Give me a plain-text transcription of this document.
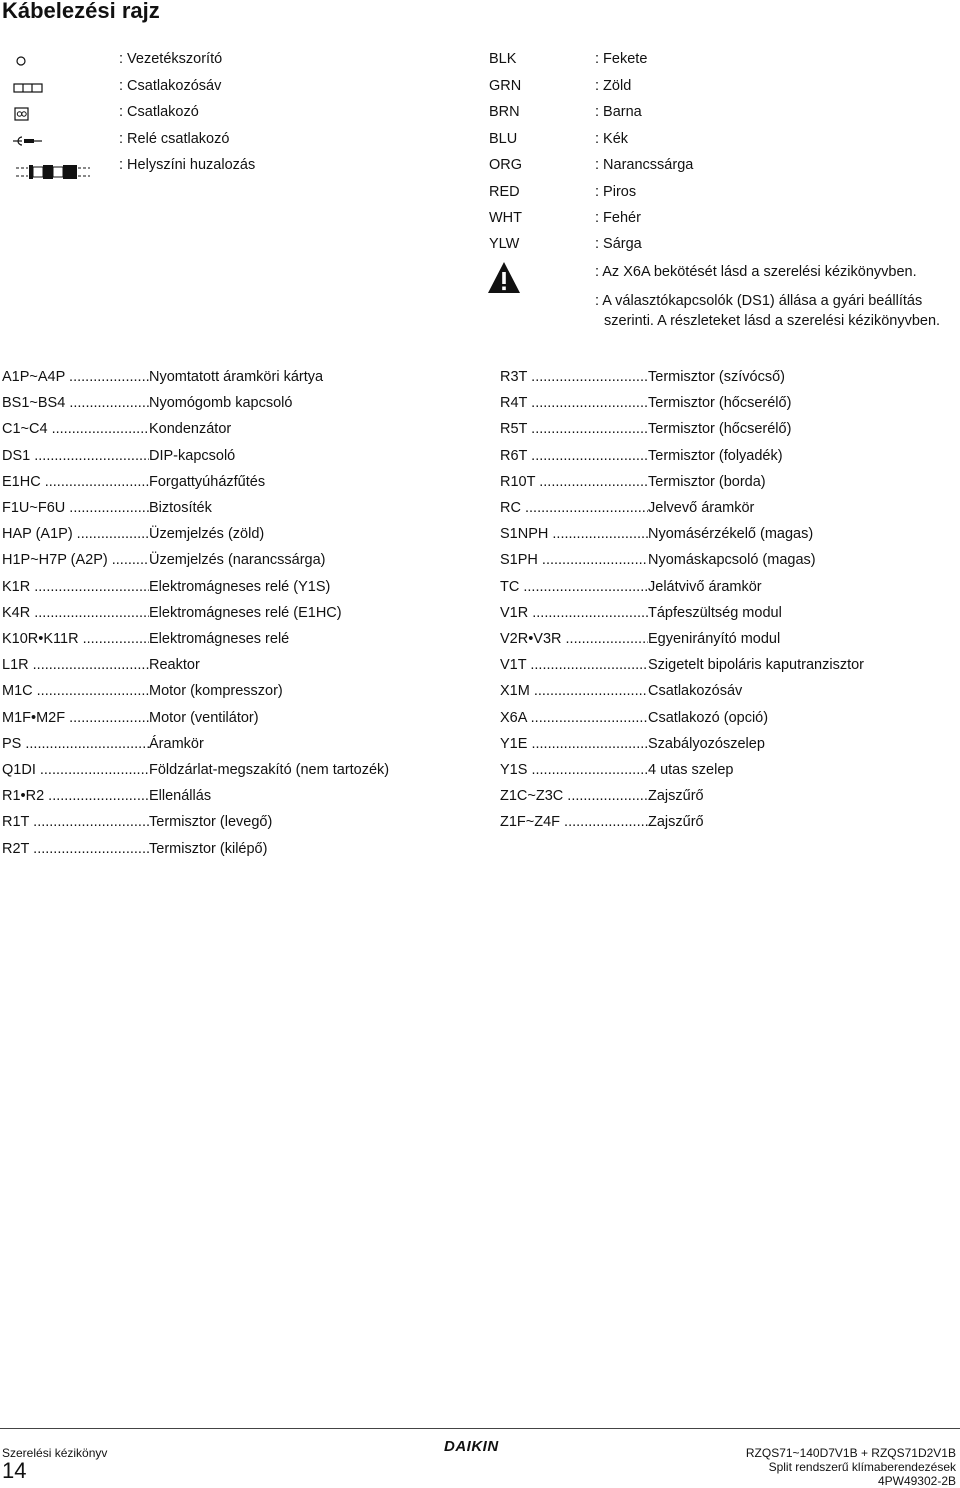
Kábelezési rajz
: Vezetékszorító
: Csatlakozósáv
: Csatlakozó
: Relé csatlakozó
: Helyszíni huzalozás
BLK	: Fekete
GRN	: Zöld
BRN	: Barna
BLU	: Kék
ORG	: Narancssárga
RED	: Piros
WHT	: Fehér
YLW	: Sárga
: Az X6A bekötését lásd a szerelési kézikönyvben.
: A választókapcsolók (DS1) állása a gyári beállítás szerinti. A részleteket lásd a szerelési kézikönyvben.
A1P~A4P .....	Nyomtatott áramköri kártya
BS1~BS4 .....	Nyomógomb kapcsoló
C1~C4 .....	Kondenzátor
DS1 .....	DIP-kapcsoló
E1HC .....	Forgattyúházfűtés
F1U~F6U .....	Biztosíték
HAP (A1P) .....	Üzemjelzés (zöld)
H1P~H7P (A2P) .....	Üzemjelzés (narancssárga)
K1R .....	Elektromágneses relé (Y1S)
K4R .....	Elektromágneses relé (E1HC)
K10R•K11R .....	Elektromágneses relé
L1R .....	Reaktor
M1C .....	Motor (kompresszor)
M1F•M2F .....	Motor (ventilátor)
PS .....	Áramkör
Q1DI .....	Földzárlat-megszakító (nem tartozék)
R1•R2 .....	Ellenállás
R1T .....	Termisztor (levegő)
R2T .....	Termisztor (kilépő)
R3T .....	Termisztor (szívócső)
R4T .....	Termisztor (hőcserélő)
R5T .....	Termisztor (hőcserélő)
R6T .....	Termisztor (folyadék)
R10T .....	Termisztor (borda)
RC .....	Jelvevő áramkör
S1NPH .....	Nyomásérzékelő (magas)
S1PH .....	Nyomáskapcsoló (magas)
TC .....	Jelátvivő áramkör
V1R .....	Tápfeszültség modul
V2R•V3R .....	Egyenirányító modul
V1T .....	Szigetelt bipoláris kaputranzisztor
X1M .....	Csatlakozósáv
X6A .....	Csatlakozó (opció)
Y1E .....	Szabályozószelep
Y1S .....	4 utas szelep
Z1C~Z3C .....	Zajszűrő
Z1F~Z4F .....	Zajszűrő
Szerelési kézikönyv
14
DAIKIN	RZQS71~140D7V1B + RZQS71D2V1B
Split rendszerű klímaberendezések
4PW49302-2B
